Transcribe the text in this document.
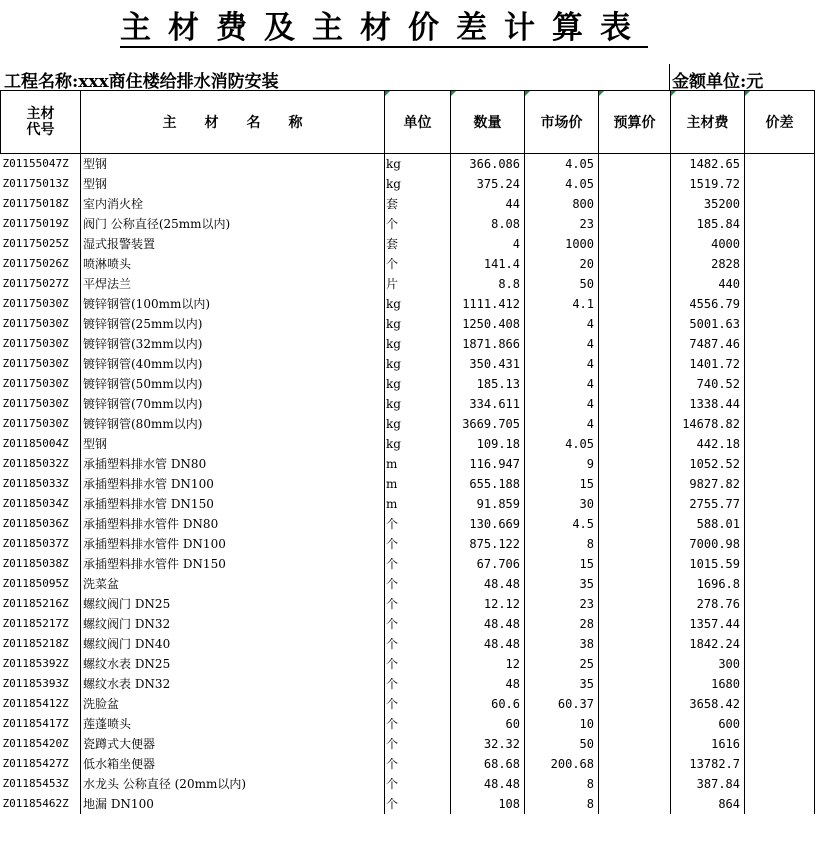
主材费及主材价差计算表
工程名称:xxx商住楼给排水消防安装	金额单位:元
主材
代号	主　　材　　名　　称	单位	数量	市场价	预算价	主材费	价差
Z01155047Z	型钢	kg	366.086	4.05		1482.65	
Z01175013Z	型钢	kg	375.24	4.05		1519.72	
Z01175018Z	室内消火栓	套	44	800		35200	
Z01175019Z	阀门 公称直径(25mm以内)	个	8.08	23		185.84	
Z01175025Z	湿式报警装置	套	4	1000		4000	
Z01175026Z	喷淋喷头	个	141.4	20		2828	
Z01175027Z	平焊法兰	片	8.8	50		440	
Z01175030Z	镀锌钢管(100mm以内)	kg	1111.412	4.1		4556.79	
Z01175030Z	镀锌钢管(25mm以内)	kg	1250.408	4		5001.63	
Z01175030Z	镀锌钢管(32mm以内)	kg	1871.866	4		7487.46	
Z01175030Z	镀锌钢管(40mm以内)	kg	350.431	4		1401.72	
Z01175030Z	镀锌钢管(50mm以内)	kg	185.13	4		740.52	
Z01175030Z	镀锌钢管(70mm以内)	kg	334.611	4		1338.44	
Z01175030Z	镀锌钢管(80mm以内)	kg	3669.705	4		14678.82	
Z01185004Z	型钢	kg	109.18	4.05		442.18	
Z01185032Z	承插塑料排水管 DN80	m	116.947	9		1052.52	
Z01185033Z	承插塑料排水管 DN100	m	655.188	15		9827.82	
Z01185034Z	承插塑料排水管 DN150	m	91.859	30		2755.77	
Z01185036Z	承插塑料排水管件 DN80	个	130.669	4.5		588.01	
Z01185037Z	承插塑料排水管件 DN100	个	875.122	8		7000.98	
Z01185038Z	承插塑料排水管件 DN150	个	67.706	15		1015.59	
Z01185095Z	洗菜盆	个	48.48	35		1696.8	
Z01185216Z	螺纹阀门 DN25	个	12.12	23		278.76	
Z01185217Z	螺纹阀门 DN32	个	48.48	28		1357.44	
Z01185218Z	螺纹阀门 DN40	个	48.48	38		1842.24	
Z01185392Z	螺纹水表 DN25	个	12	25		300	
Z01185393Z	螺纹水表 DN32	个	48	35		1680	
Z01185412Z	洗脸盆	个	60.6	60.37		3658.42	
Z01185417Z	莲蓬喷头	个	60	10		600	
Z01185420Z	瓷蹲式大便器	个	32.32	50		1616	
Z01185427Z	低水箱坐便器	个	68.68	200.68		13782.7	
Z01185453Z	水龙头 公称直径 (20mm以内)	个	48.48	8		387.84	
Z01185462Z	地漏 DN100	个	108	8		864	
